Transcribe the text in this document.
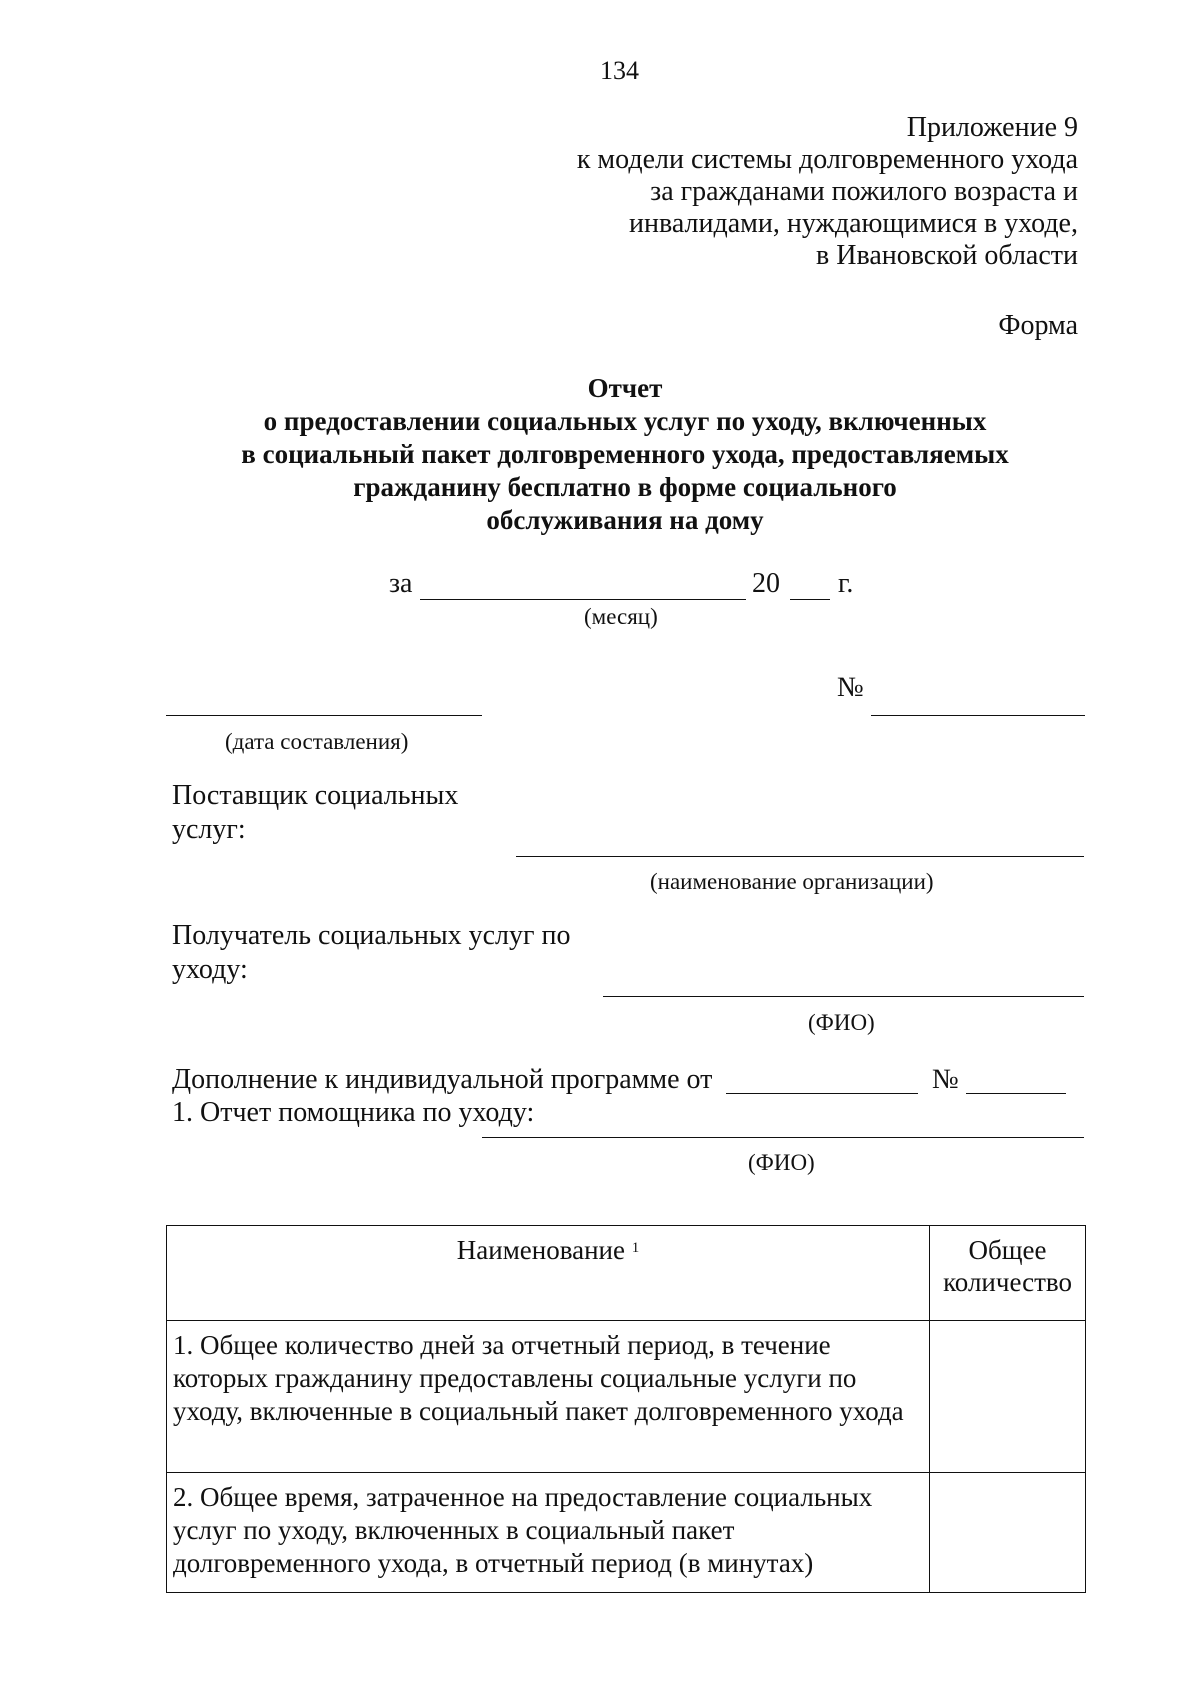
134
Приложение 9
к модели системы долговременного ухода
за гражданами пожилого возраста и
инвалидами, нуждающимися в уходе,
в Ивановской области
Форма
Отчет
о предоставлении социальных услуг по уходу, включенных
в социальный пакет долговременного ухода, предоставляемых
гражданину бесплатно в форме социального
обслуживания на дому
за	20 г.
(месяц)
№
(дата составления)
Поставщик социальных
услуг:
(наименование организации)
Получатель социальных услуг по
уходу:
(ФИО)
Дополнение к индивидуальной программе от	№
1. Отчет помощника по уходу:
(ФИО)
Наименование $^1$	Общее
количество

1. Общее количество дней за отчетный период, в течение которых гражданину предоставлены социальные услуги по уходу, включенные в социальный пакет долговременного ухода	
2. Общее время, затраченное на предоставление социальных услуг по уходу, включенных в социальный пакет долговременного ухода, в отчетный период (в минутах)	
